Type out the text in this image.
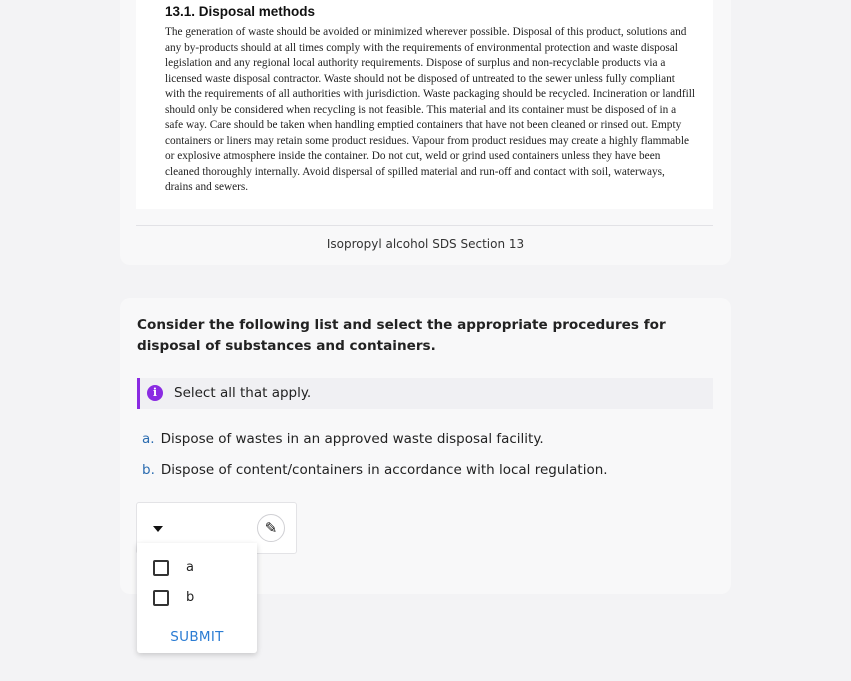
13.1. Disposal methods

The generation of waste should be avoided or minimized wherever possible. Disposal of this product, solutions and any by-products should at all times comply with the requirements of environmental protection and waste disposal legislation and any regional local authority requirements. Dispose of surplus and non-recyclable products via a licensed waste disposal contractor. Waste should not be disposed of untreated to the sewer unless fully compliant with the requirements of all authorities with jurisdiction. Waste packaging should be recycled. Incineration or landfill should only be considered when recycling is not feasible. This material and its container must be disposed of in a safe way. Care should be taken when handling emptied containers that have not been cleaned or rinsed out. Empty containers or liners may retain some product residues. Vapour from product residues may create a highly flammable or explosive atmosphere inside the container. Do not cut, weld or grind used containers unless they have been cleaned thoroughly internally. Avoid dispersal of spilled material and run-off and contact with soil, waterways, drains and sewers.

Isopropyl alcohol SDS Section 13

Consider the following list and select the appropriate procedures for disposal of substances and containers.

i	Select all that apply.
a. Dispose of wastes in an approved waste disposal facility.
b. Dispose of content/containers in accordance with local regulation.
✎
a
b
SUBMIT
